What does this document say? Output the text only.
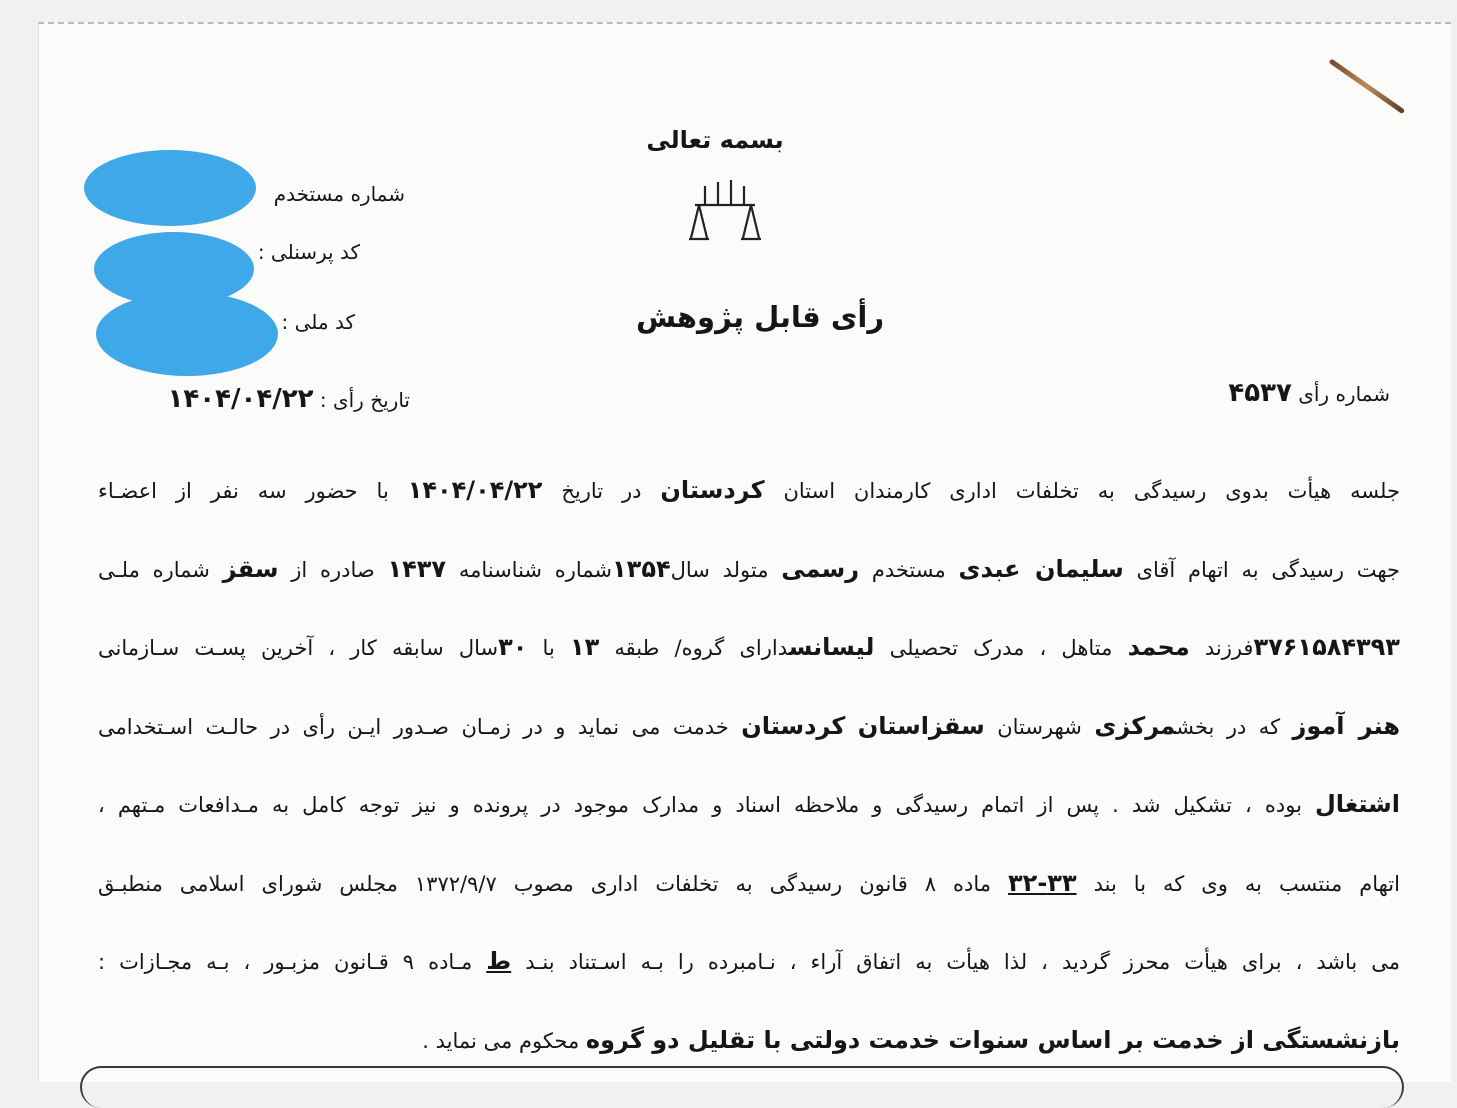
بسمه تعالی
رأی قابل پژوهش
شماره مستخدم
کد پرسنلی :
کد ملی :
تاریخ رأی : ۱۴۰۴/۰۴/۲۲	شماره رأی ۴۵۳۷

جلسه هیأت بدوی رسیدگی به تخلفات اداری کارمندان استان کردستان در تاریخ ۱۴۰۴/۰۴/۲۲ با حضور سه نفر از اعضـاء

جهت رسیدگی به اتهام آقای سلیمان عبدی مستخدم رسمی متولد سال۱۳۵۴شماره شناسنامه ۱۴۳۷ صادره از سقز شماره ملـی

۳۷۶۱۵۸۴۳۹۳فرزند محمد متاهل ، مدرک تحصیلی لیسانسدارای گروه/ طبقه ۱۳ با ۳۰سال سابقه کار ، آخرین پسـت سـازمانی

هنر آموز که در بخشمرکزی شهرستان سقزاستان کردستان خدمت می نماید و در زمـان صـدور ایـن رأی در حالـت اسـتخدامی

اشتغال بوده ، تشکیل شد . پس از اتمام رسیدگی و ملاحظه اسناد و مدارک موجود در پرونده و نیز توجه کامل به مـدافعات مـتهم ،

اتهام منتسب به وی که با بند ۳۳-۳۲ ماده ۸ قانون رسیدگی به تخلفات اداری مصوب ۱۳۷۲/۹/۷ مجلس شورای اسلامی منطبـق

می باشد ، برای هیأت محرز گردید ، لذا هیأت به اتفاق آراء ، نـامبرده را بـه اسـتناد بنـد ط مـاده ۹ قـانون مزبـور ، بـه مجـازات :

بازنشستگی از خدمت بر اساس سنوات خدمت دولتی با تقلیل دو گروه محکوم می نماید .
